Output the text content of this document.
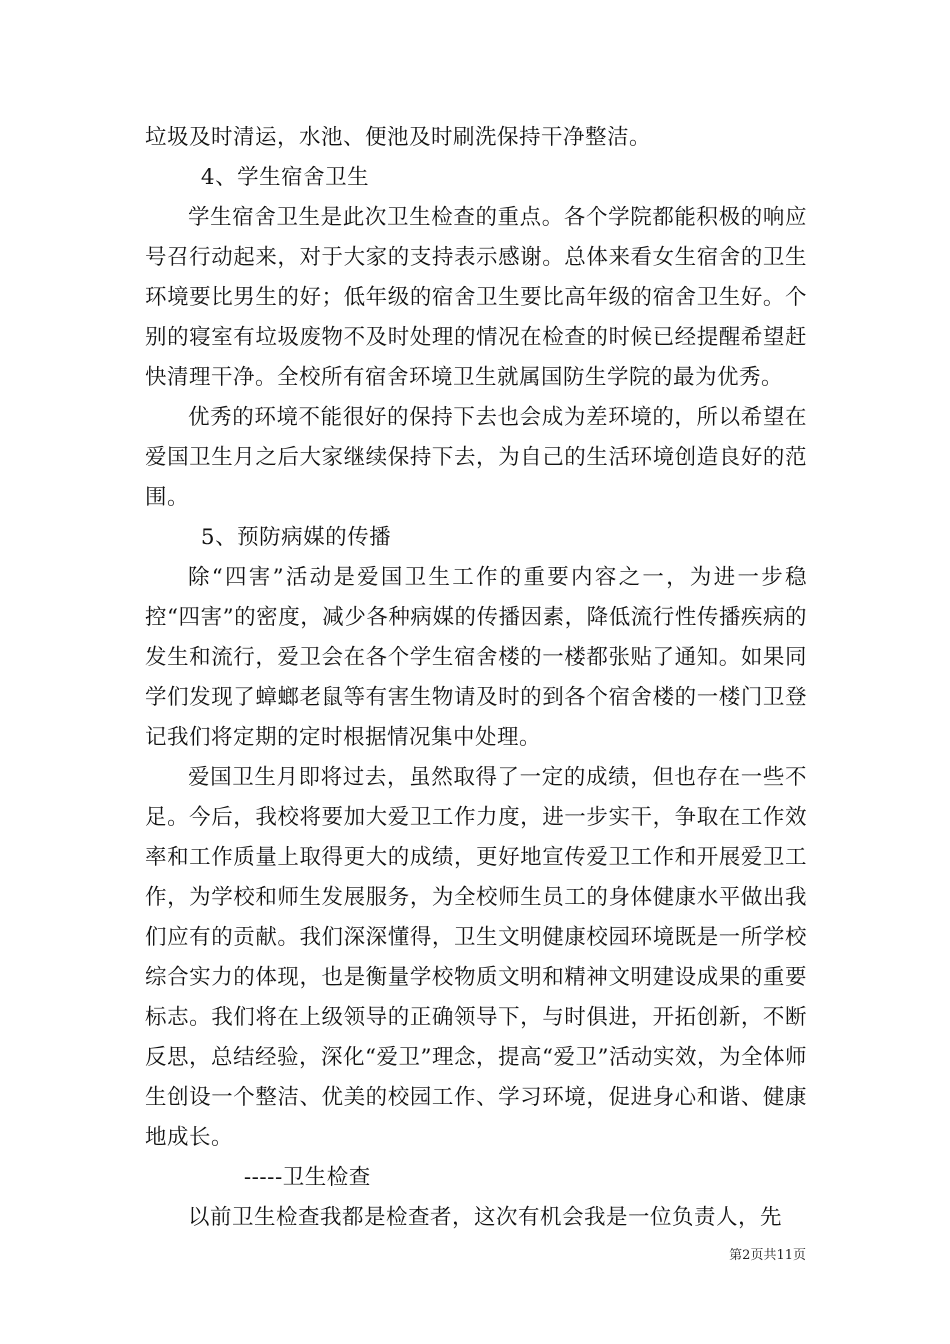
垃圾及时清运，水池、便池及时刷洗保持干净整洁。

4、学生宿舍卫生

学生宿舍卫生是此次卫生检查的重点。各个学院都能积极的响应号召行动起来，对于大家的支持表示感谢。总体来看女生宿舍的卫生环境要比男生的好；低年级的宿舍卫生要比高年级的宿舍卫生好。个别的寝室有垃圾废物不及时处理的情况在检查的时候已经提醒希望赶快清理干净。全校所有宿舍环境卫生就属国防生学院的最为优秀。

优秀的环境不能很好的保持下去也会成为差环境的，所以希望在爱国卫生月之后大家继续保持下去，为自己的生活环境创造良好的范围。

5、预防病媒的传播

除“四害”活动是爱国卫生工作的重要内容之一，为进一步稳控“四害”的密度，减少各种病媒的传播因素，降低流行性传播疾病的发生和流行，爱卫会在各个学生宿舍楼的一楼都张贴了通知。如果同学们发现了蟑螂老鼠等有害生物请及时的到各个宿舍楼的一楼门卫登记我们将定期的定时根据情况集中处理。

爱国卫生月即将过去，虽然取得了一定的成绩，但也存在一些不足。今后，我校将要加大爱卫工作力度，进一步实干，争取在工作效率和工作质量上取得更大的成绩，更好地宣传爱卫工作和开展爱卫工作，为学校和师生发展服务，为全校师生员工的身体健康水平做出我们应有的贡献。我们深深懂得，卫生文明健康校园环境既是一所学校综合实力的体现，也是衡量学校物质文明和精神文明建设成果的重要标志。我们将在上级领导的正确领导下，与时俱进，开拓创新，不断反思，总结经验，深化“爱卫”理念，提高“爱卫”活动实效，为全体师生创设一个整洁、优美的校园工作、学习环境，促进身心和谐、健康地成长。

-----卫生检查

以前卫生检查我都是检查者，这次有机会我是一位负责人，先

第2页共11页
